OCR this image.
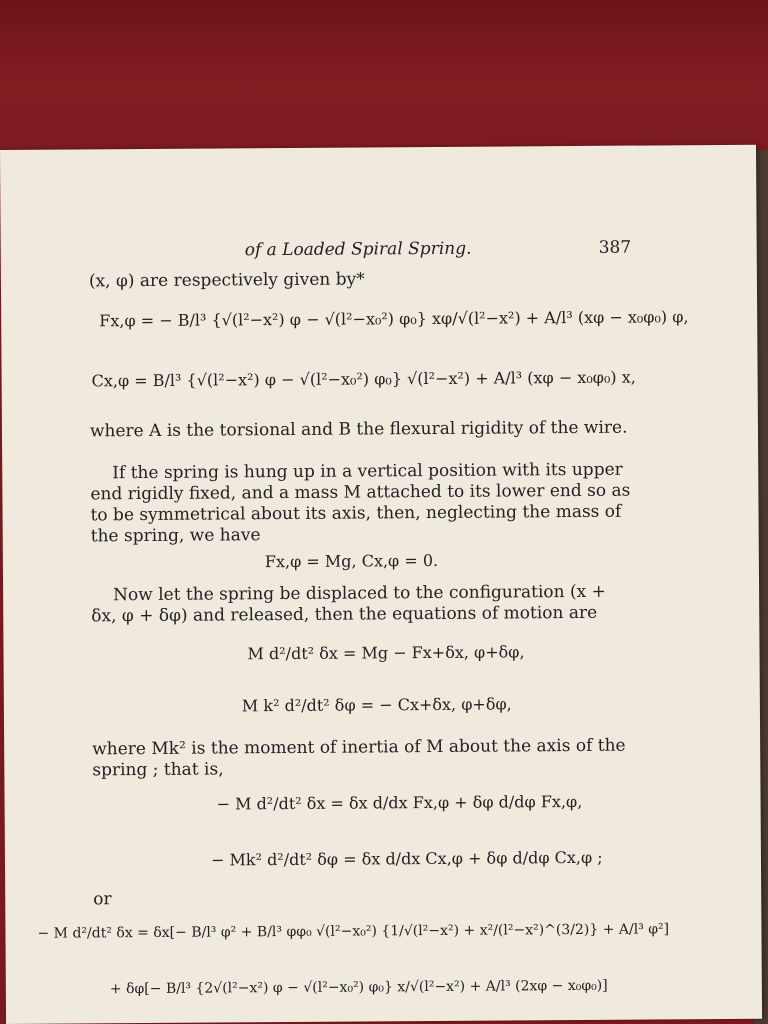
of a Loaded Spiral Spring.	387
(x, φ) are respectively given by*
Fx,φ = − B/l³ {√(l²−x²) φ − √(l²−x₀²) φ₀} xφ/√(l²−x²) + A/l³ (xφ − x₀φ₀) φ,
Cx,φ = B/l³ {√(l²−x²) φ − √(l²−x₀²) φ₀} √(l²−x²) + A/l³ (xφ − x₀φ₀) x,
where A is the torsional and B the flexural rigidity of the wire.
If the spring is hung up in a vertical position with its upper end rigidly fixed, and a mass M attached to its lower end so as to be symmetrical about its axis, then, neglecting the mass of the spring, we have
Fx,φ = Mg, Cx,φ = 0.
Now let the spring be displaced to the configuration (x + δx, φ + δφ) and released, then the equations of motion are
M d²/dt² δx = Mg − Fx+δx, φ+δφ,
M k² d²/dt² δφ = − Cx+δx, φ+δφ,
where Mk² is the moment of inertia of M about the axis of the spring ; that is,
− M d²/dt² δx = δx d/dx Fx,φ + δφ d/dφ Fx,φ,
− Mk² d²/dt² δφ = δx d/dx Cx,φ + δφ d/dφ Cx,φ ;
or
− M d²/dt² δx = δx[− B/l³ φ² + B/l³ φφ₀ √(l²−x₀²) {1/√(l²−x²) + x²/(l²−x²)^(3/2)} + A/l³ φ²]
+ δφ[− B/l³ {2√(l²−x²) φ − √(l²−x₀²) φ₀} x/√(l²−x²) + A/l³ (2xφ − x₀φ₀)]
